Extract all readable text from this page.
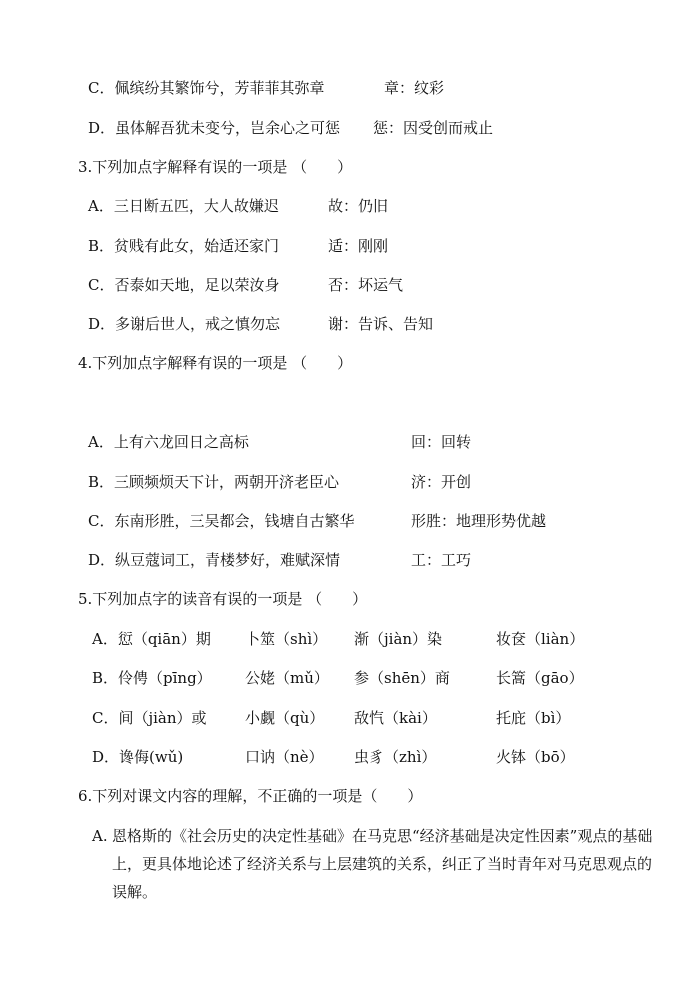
C．佩缤纷其繁饰兮，芳菲菲其弥章	章：纹彩
D．虽体解吾犹未变兮，岂余心之可惩 惩：因受创而戒止
3.下列加点字解释有误的一项是 （　　）
A．三日断五匹，大人故嫌迟	故：仍旧
B．贫贱有此女，始适还家门	适：刚刚
C．否泰如天地，足以荣汝身	否：坏运气
D．多谢后世人，戒之慎勿忘	谢：告诉、告知
4.下列加点字解释有误的一项是 （　　）
A．上有六龙回日之高标	回：回转
B．三顾频烦天下计，两朝开济老臣心	济：开创
C．东南形胜，三吴都会，钱塘自古繁华	形胜：地理形势优越
D．纵豆蔻词工，青楼梦好，难赋深情	工：工巧
5.下列加点字的读音有误的一项是 （　　）
A．愆（qiān）期 卜筮（shì） 渐（jiàn）染	妆奁（liàn）
B．伶俜（pīng） 公姥（mǔ） 参（shēn）商	长篙（gāo）
C．间（jiàn）或	小觑（qù） 敌忾（kài）	托庇（bì）
D．谗侮(wǔ)	口讷（nè） 虫豸（zhì）	火钵（bō）
6.下列对课文内容的理解，不正确的一项是（　　）
A. 恩格斯的《社会历史的决定性基础》在马克思“经济基础是决定性因素”观点的基础上，更具体地论述了经济关系与上层建筑的关系，纠正了当时青年对马克思观点的误解。
